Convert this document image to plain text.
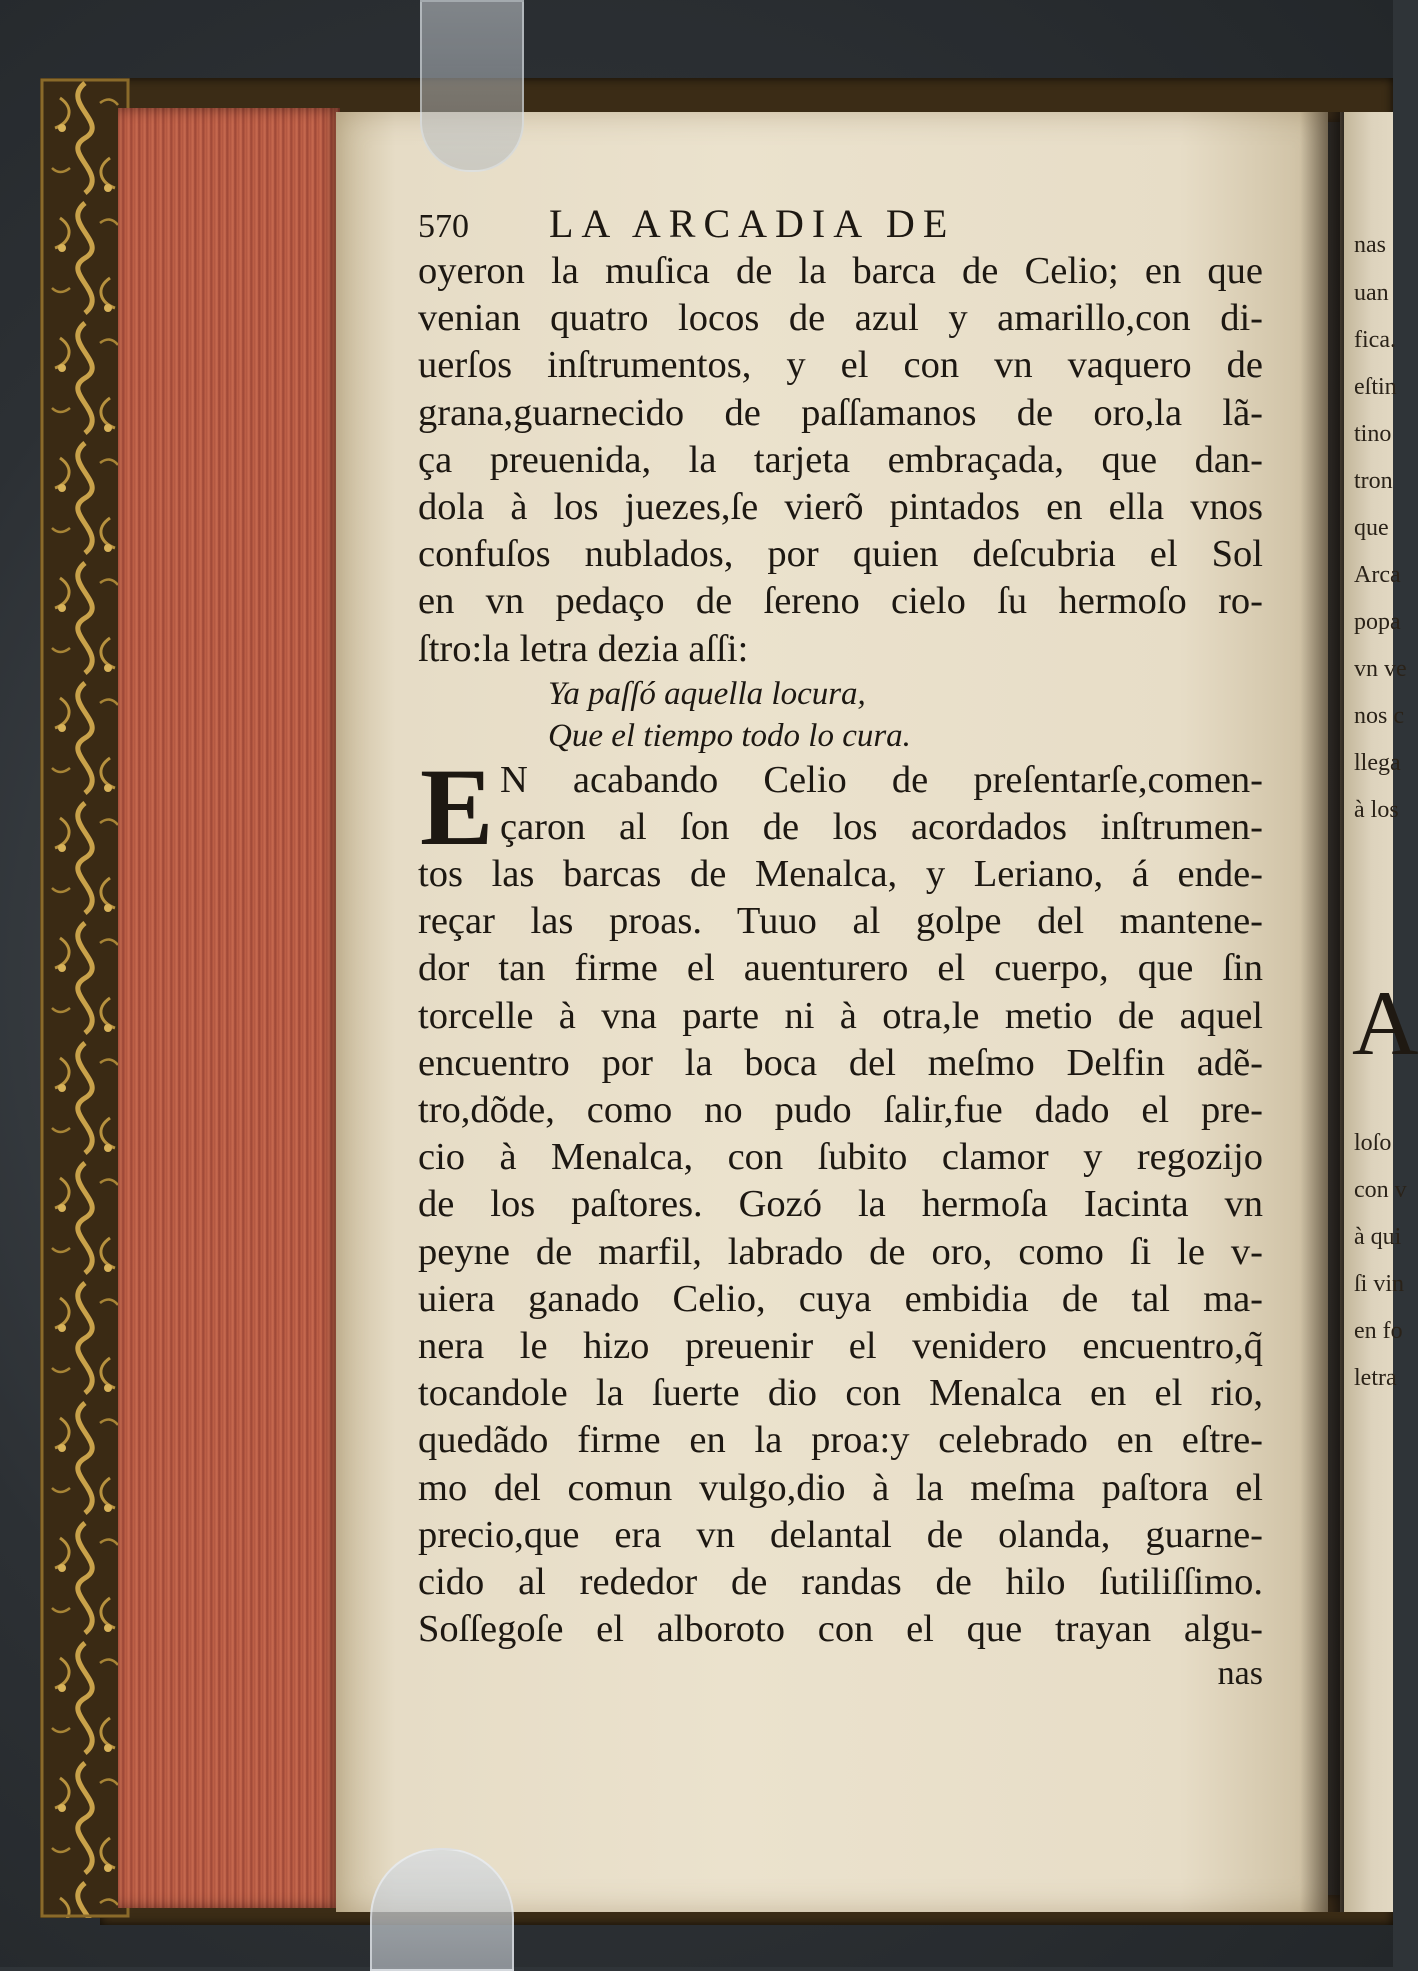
nas
uan
fica.
eſtin
tino
tron
que
Arca
popa
vn ve
nos c
llega
à los
A
loſo
con v
à qui
ſi vin
en fo
letra
570 LA ARCADIA DE
oyeron la muſica de la barca de Celio; en que
venian quatro locos de azul y amarillo,con di-
uerſos inſtrumentos, y el con vn vaquero de
grana,guarnecido de paſſamanos de oro,la lã-
ça preuenida, la tarjeta embraçada, que dan-
dola à los juezes,ſe vierõ pintados en ella vnos
confuſos nublados, por quien deſcubria el Sol
en vn pedaço de ſereno cielo ſu hermoſo ro-
ſtro:la letra dezia aſſi:
Ya paſſó aquella locura,
Que el tiempo todo lo cura.
E N acabando Celio de preſentarſe,comen-
çaron al ſon de los acordados inſtrumen-
tos las barcas de Menalca, y Leriano, á ende-
reçar las proas. Tuuo al golpe del mantene-
dor tan firme el auenturero el cuerpo, que ſin
torcelle à vna parte ni à otra,le metio de aquel
encuentro por la boca del meſmo Delfin adẽ-
tro,dõde, como no pudo ſalir,fue dado el pre-
cio à Menalca, con ſubito clamor y regozijo
de los paſtores. Gozó la hermoſa Iacinta vn
peyne de marfil, labrado de oro, como ſi le v-
uiera ganado Celio, cuya embidia de tal ma-
nera le hizo preuenir el venidero encuentro,q̃
tocandole la ſuerte dio con Menalca en el rio,
quedãdo firme en la proa:y celebrado en eſtre-
mo del comun vulgo,dio à la meſma paſtora el
precio,que era vn delantal de olanda, guarne-
cido al rededor de randas de hilo ſutiliſſimo.
Soſſegoſe el alboroto con el que trayan algu-
nas
